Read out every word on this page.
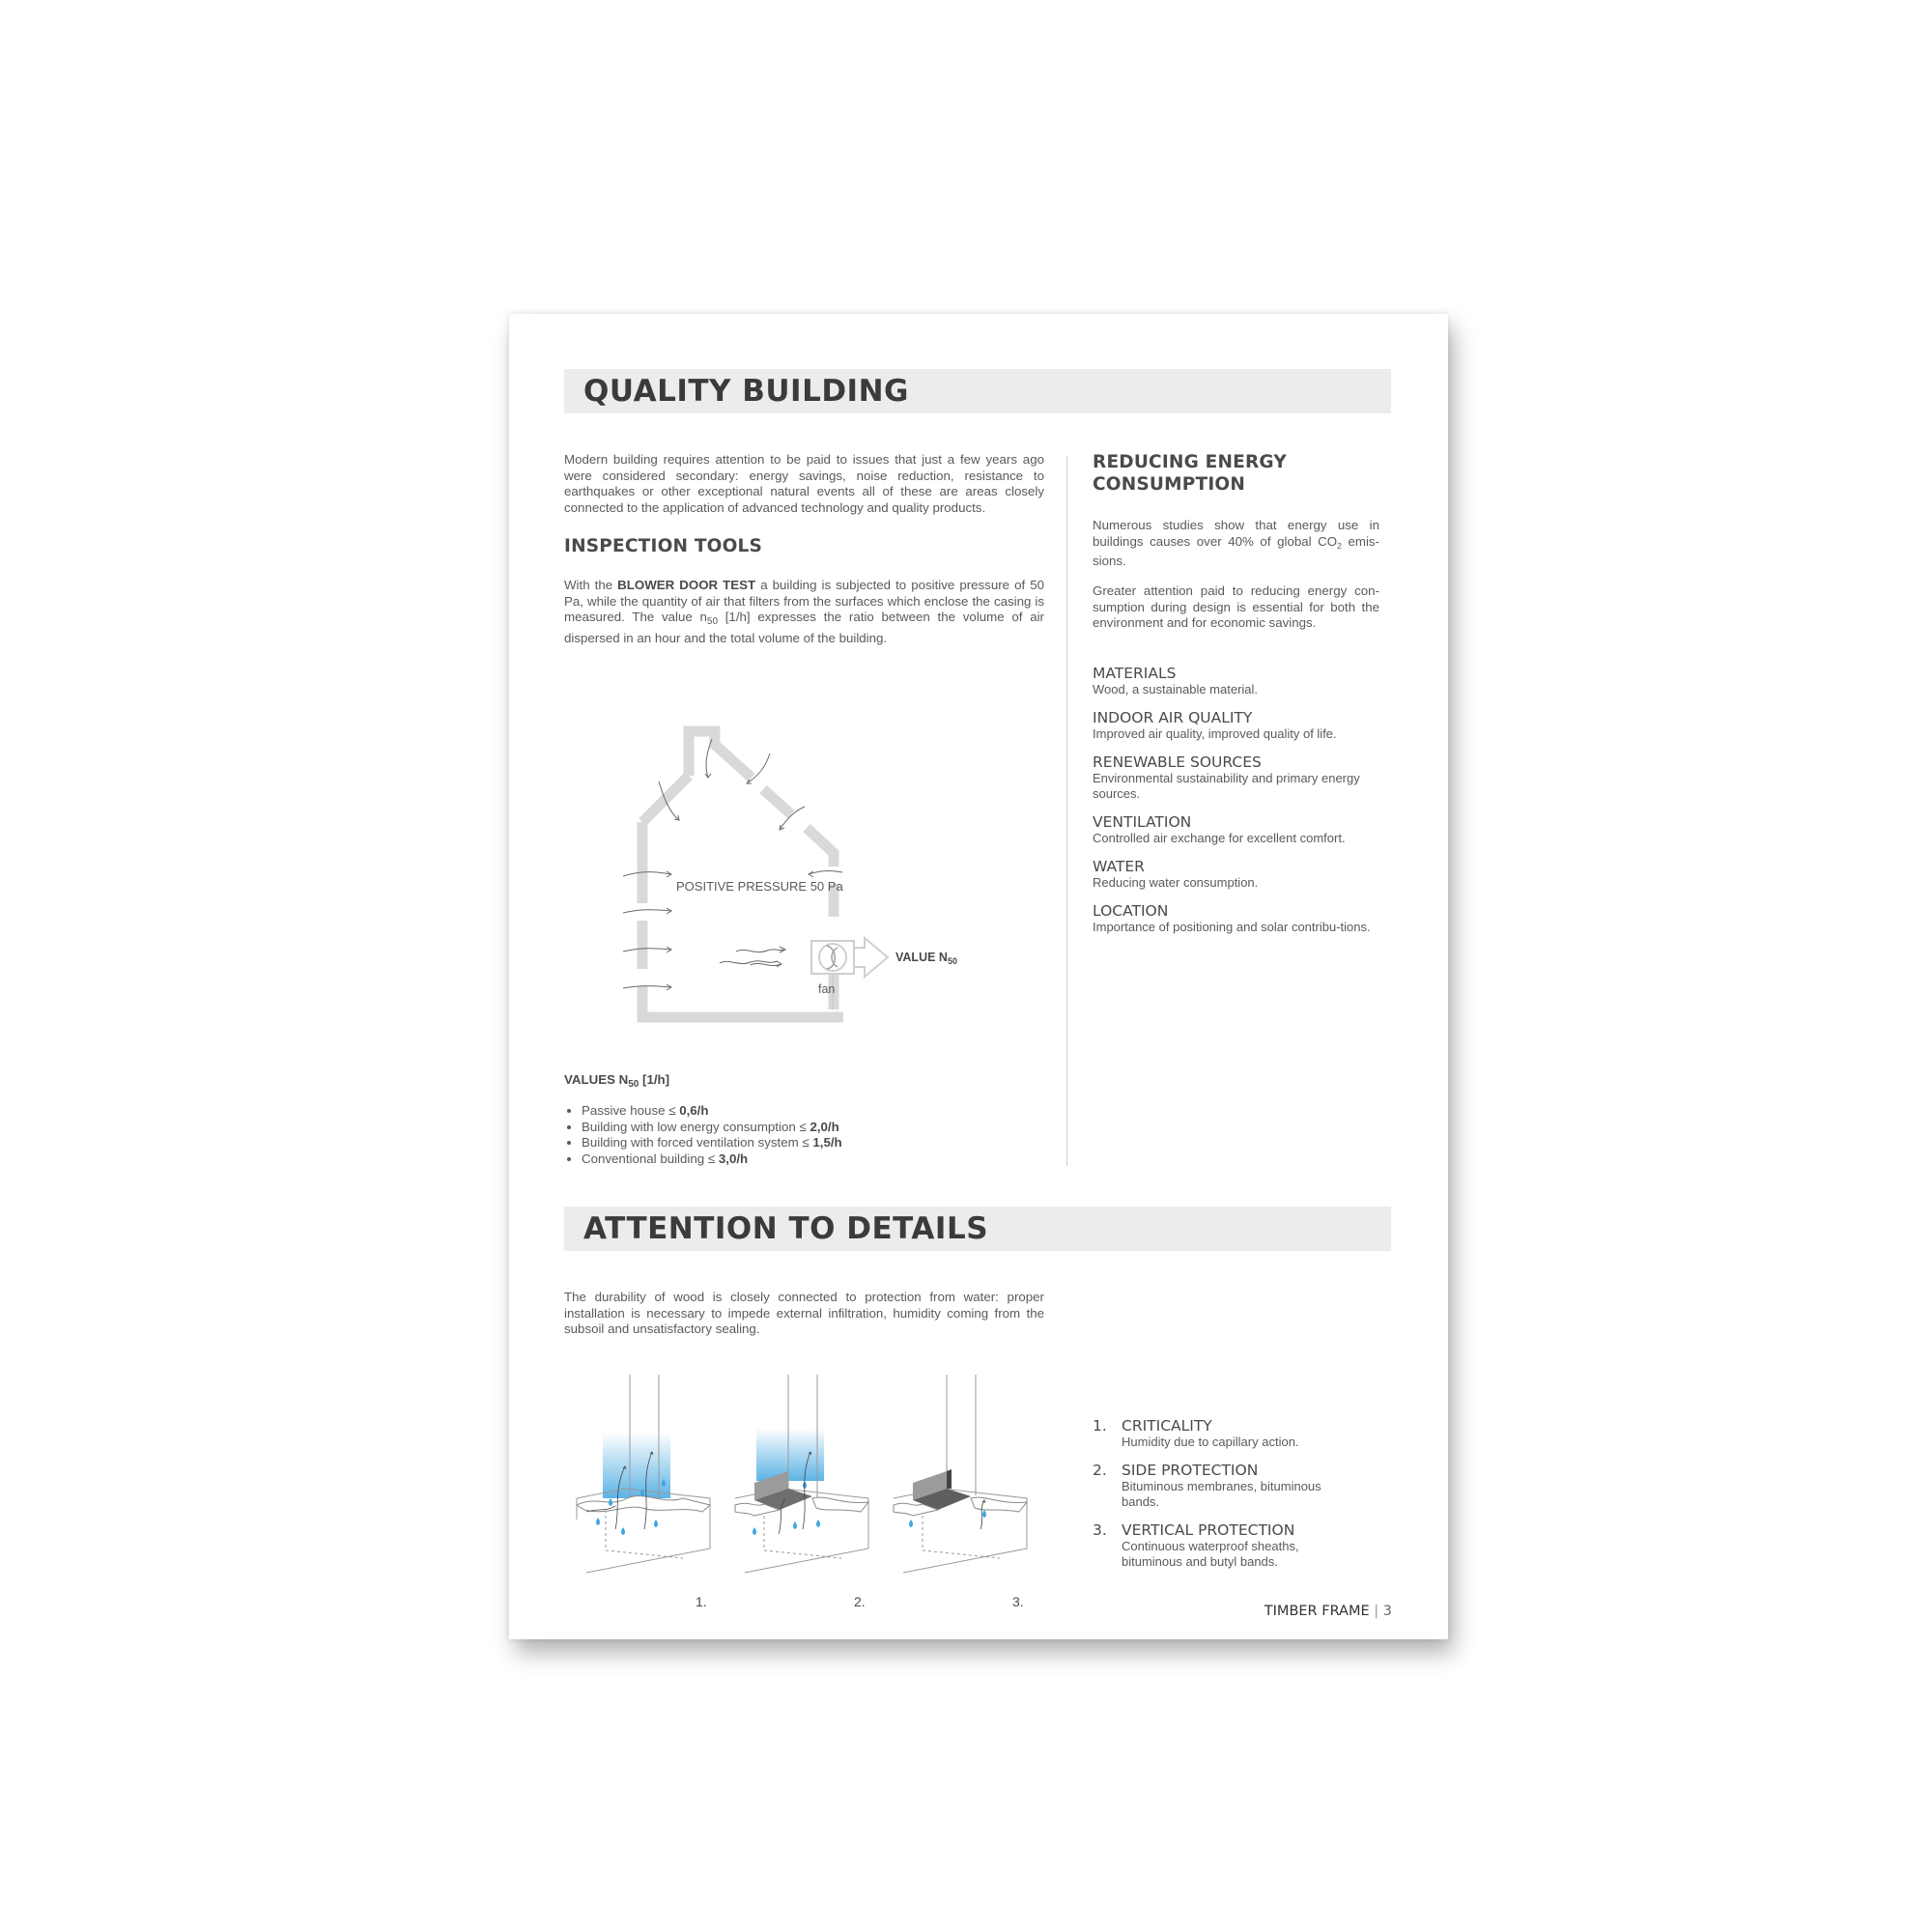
QUALITY BUILDING

Modern building requires attention to be paid to issues that just a few years ago were considered secondary: energy savings, noise reduction, resistance to earthquakes or other exceptional natural events all of these are areas closely connected to the application of advanced technology and quality products.

INSPECTION TOOLS

With the BLOWER DOOR TEST a building is subjected to positive pressure of 50 Pa, while the quantity of air that filters from the surfaces which enclose the casing is measured. The value $n_{50}$ [1/h] expresses the ratio between the volume of air dispersed in an hour and the total volume of the building.

POSITIVE PRESSURE 50 Pa
VALUE $N_{50}$
fan

VALUES $N_{50}$ [1/h]

• Passive house ≤ 0,6/h
• Building with low energy consumption ≤ 2,0/h
• Building with forced ventilation system ≤ 1,5/h
• Conventional building ≤ 3,0/h
REDUCING ENERGY
CONSUMPTION

Numerous studies show that energy use in buildings causes over 40% of global $CO_2$ emis-sions.

Greater attention paid to reducing energy con-sumption during design is essential for both the environment and for economic savings.

MATERIALS
Wood, a sustainable material.
INDOOR AIR QUALITY
Improved air quality, improved quality of life.
RENEWABLE SOURCES
Environmental sustainability and primary energy sources.
VENTILATION
Controlled air exchange for excellent comfort.
WATER
Reducing water consumption.
LOCATION
Importance of positioning and solar contribu-tions.
ATTENTION TO DETAILS

The durability of wood is closely connected to protection from water: proper installation is necessary to impede external infiltration, humidity coming from the subsoil and unsatisfactory sealing.

1.	2.	3.
1. CRITICALITY
Humidity due to capillary action.
2. SIDE PROTECTION
Bituminous membranes, bituminous bands.
3. VERTICAL PROTECTION
Continuous waterproof sheaths, bituminous and butyl bands.
TIMBER FRAME | 3
